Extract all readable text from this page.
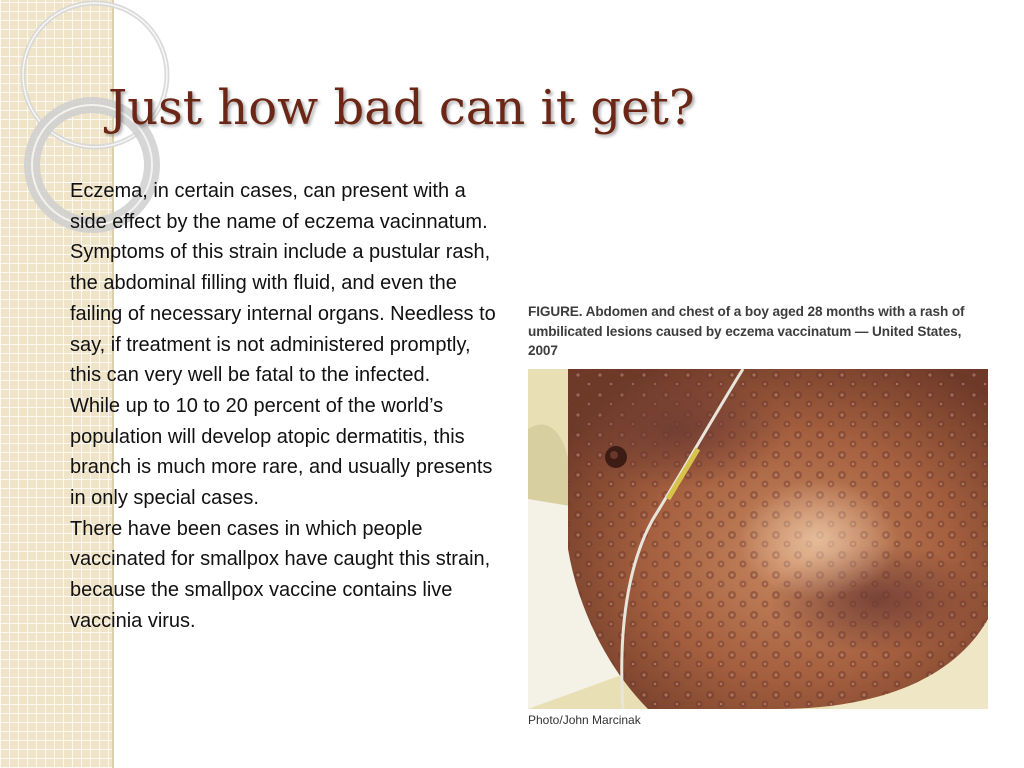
Just how bad can it get?

Eczema, in certain cases, can present with a side effect by the name of eczema vacinnatum. Symptoms of this strain include a pustular rash, the abdominal filling with fluid, and even the failing of necessary internal organs. Needless to say, if treatment is not administered promptly, this can very well be fatal to the infected.

While up to 10 to 20 percent of the world’s population will develop atopic dermatitis, this branch is much more rare, and usually presents in only special cases.

There have been cases in which people vaccinated for smallpox have caught this strain, because the smallpox vaccine contains live vaccinia virus.

FIGURE. Abdomen and chest of a boy aged 28 months with a rash of umbilicated lesions caused by eczema vaccinatum — United States, 2007
Photo/John Marcinak
